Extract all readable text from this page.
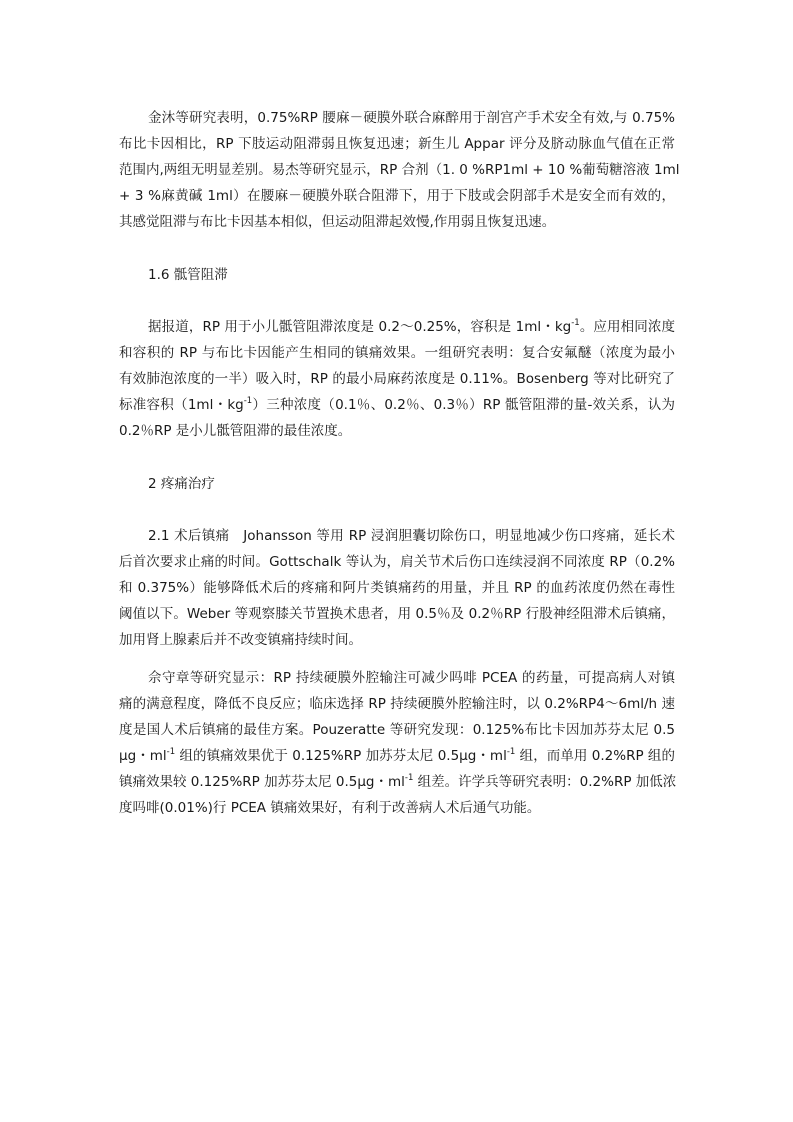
金沐等研究表明，0.75%RP 腰麻－硬膜外联合麻醉用于剖宫产手术安全有效,与 0.75%
布比卡因相比，RP 下肢运动阻滞弱且恢复迅速；新生儿 Appar 评分及脐动脉血气值在正常
范围内,两组无明显差别。易杰等研究显示，RP 合剂（1. 0 %RP1ml + 10 %葡萄糖溶液 1ml
+ 3 %麻黄碱 1ml）在腰麻－硬膜外联合阻滞下，用于下肢或会阴部手术是安全而有效的，
其感觉阻滞与布比卡因基本相似，但运动阻滞起效慢,作用弱且恢复迅速。
1.6 骶管阻滞
据报道，RP 用于小儿骶管阻滞浓度是 0.2～0.25%，容积是 1ml・$kg^{-1}$。应用相同浓度
和容积的 RP 与布比卡因能产生相同的镇痛效果。一组研究表明：复合安氟醚（浓度为最小
有效肺泡浓度的一半）吸入时，RP 的最小局麻药浓度是 0.11%。Bosenberg 等对比研究了
标准容积（1ml・$kg^{-1}$）三种浓度（0.1％、0.2％、0.3％）RP 骶管阻滞的量-效关系，认为
0.2％RP 是小儿骶管阻滞的最佳浓度。
2 疼痛治疗
2.1 术后镇痛　Johansson 等用 RP 浸润胆囊切除伤口，明显地减少伤口疼痛，延长术
后首次要求止痛的时间。Gottschalk 等认为，肩关节术后伤口连续浸润不同浓度 RP（0.2%
和 0.375%）能够降低术后的疼痛和阿片类镇痛药的用量，并且 RP 的血药浓度仍然在毒性
阈值以下。Weber 等观察膝关节置换术患者，用 0.5％及 0.2％RP 行股神经阻滞术后镇痛，
加用肾上腺素后并不改变镇痛持续时间。
佘守章等研究显示：RP 持续硬膜外腔输注可减少吗啡 PCEA 的药量，可提高病人对镇
痛的满意程度，降低不良反应；临床选择 RP 持续硬膜外腔输注时，以 0.2%RP4～6ml/h 速
度是国人术后镇痛的最佳方案。Pouzeratte 等研究发现：0.125%布比卡因加苏芬太尼 0.5
μg・$ml^{-1}$ 组的镇痛效果优于 0.125%RP 加苏芬太尼 0.5μg・$ml^{-1}$ 组，而单用 0.2%RP 组的
镇痛效果较 0.125%RP 加苏芬太尼 0.5μg・$ml^{-1}$ 组差。许学兵等研究表明：0.2%RP 加低浓
度吗啡(0.01%)行 PCEA 镇痛效果好，有利于改善病人术后通气功能。
